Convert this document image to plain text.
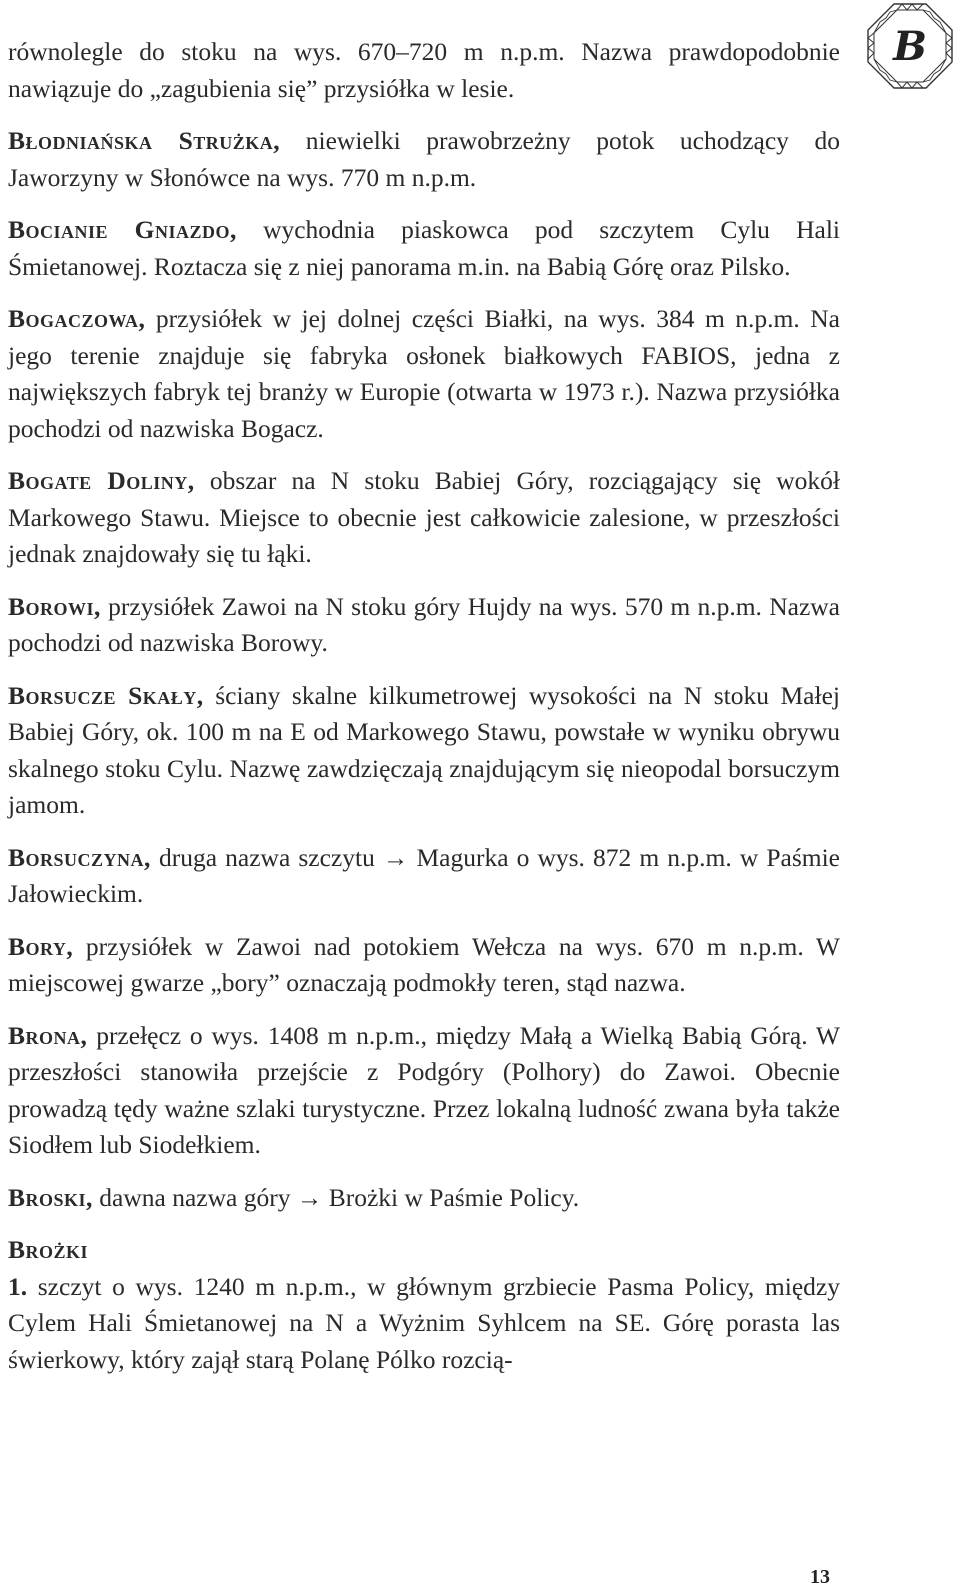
B
równolegle do stoku na wys. 670–720 m n.p.m. Nazwa prawdopodobnie nawiązuje do „zagubienia się” przysiółka w lesie.
Błodniańska Strużka, niewielki prawobrzeżny potok uchodzący do Jaworzyny w Słonówce na wys. 770 m n.p.m.
Bocianie Gniazdo, wychodnia piaskowca pod szczytem Cylu Hali Śmietanowej. Roztacza się z niej panorama m.in. na Babią Górę oraz Pilsko.
Bogaczowa, przysiółek w jej dolnej części Białki, na wys. 384 m n.p.m. Na jego terenie znajduje się fabryka osłonek białkowych FABIOS, jedna z największych fabryk tej branży w Europie (otwarta w 1973 r.). Nazwa przysiółka pochodzi od nazwiska Bogacz.
Bogate Doliny, obszar na N stoku Babiej Góry, rozciągający się wokół Markowego Stawu. Miejsce to obecnie jest całkowicie zalesione, w przeszłości jednak znajdowały się tu łąki.
Borowi, przysiółek Zawoi na N stoku góry Hujdy na wys. 570 m n.p.m. Nazwa pochodzi od nazwiska Borowy.
Borsucze Skały, ściany skalne kilkumetrowej wysokości na N stoku Małej Babiej Góry, ok. 100 m na E od Markowego Stawu, powstałe w wyniku obrywu skalnego stoku Cylu. Nazwę zawdzięczają znajdującym się nieopodal borsuczym jamom.
Borsuczyna, druga nazwa szczytu → Magurka o wys. 872 m n.p.m. w Paśmie Jałowieckim.
Bory, przysiółek w Zawoi nad potokiem Wełcza na wys. 670 m n.p.m. W miejscowej gwarze „bory” oznaczają podmokły teren, stąd nazwa.
Brona, przełęcz o wys. 1408 m n.p.m., między Małą a Wielką Babią Górą. W przeszłości stanowiła przejście z Podgóry (Polhory) do Zawoi. Obecnie prowadzą tędy ważne szlaki turystyczne. Przez lokalną ludność zwana była także Siodłem lub Siodełkiem.
Broski, dawna nazwa góry → Brożki w Paśmie Policy.

Brożki

1. szczyt o wys. 1240 m n.p.m., w głównym grzbiecie Pasma Policy, między Cylem Hali Śmietanowej na N a Wyżnim Syhlcem na SE. Górę porasta las świerkowy, który zajął starą Polanę Pólko rozcią-

13
